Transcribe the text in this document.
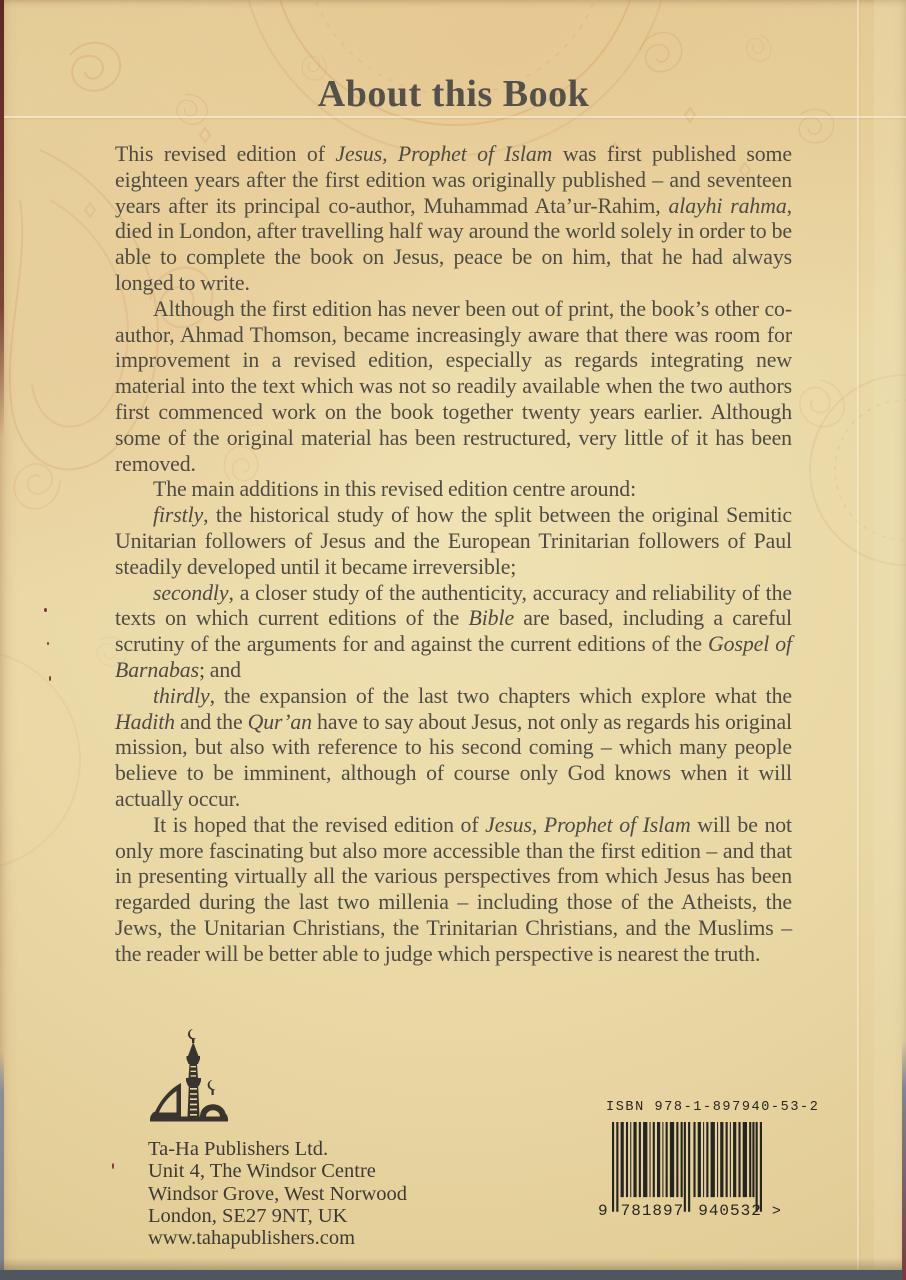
About this Book

This revised edition of Jesus, Prophet of Islam was first published some eighteen years after the first edition was originally published – and seventeen years after its principal co-author, Muhammad Ata’ur-Rahim, alayhi rahma, died in London, after travelling half way around the world solely in order to be able to complete the book on Jesus, peace be on him, that he had always longed to write.

Although the first edition has never been out of print, the book’s other co-author, Ahmad Thomson, became increasingly aware that there was room for improvement in a revised edition, especially as regards integrating new material into the text which was not so readily available when the two authors first commenced work on the book together twenty years earlier. Although some of the original material has been restructured, very little of it has been removed.

The main additions in this revised edition centre around:

firstly, the historical study of how the split between the original Semitic Unitarian followers of Jesus and the European Trinitarian followers of Paul steadily developed until it became irreversible;

secondly, a closer study of the authenticity, accuracy and reliability of the texts on which current editions of the Bible are based, including a careful scrutiny of the arguments for and against the current editions of the Gospel of Barnabas; and

thirdly, the expansion of the last two chapters which explore what the Hadith and the Qur’an have to say about Jesus, not only as regards his original mission, but also with reference to his second coming – which many people believe to be imminent, although of course only God knows when it will actually occur.

It is hoped that the revised edition of Jesus, Prophet of Islam will be not only more fascinating but also more accessible than the first edition – and that in presenting virtually all the various perspectives from which Jesus has been regarded during the last two millenia – including those of the Atheists, the Jews, the Unitarian Christians, the Trinitarian Christians, and the Muslims – the reader will be better able to judge which perspective is nearest the truth.

Ta-Ha Publishers Ltd.
Unit 4, The Windsor Centre
Windsor Grove, West Norwood
London, SE27 9NT, UK
www.tahapublishers.com
ISBN 978-1-897940-53-2
9 781897 940532 >
